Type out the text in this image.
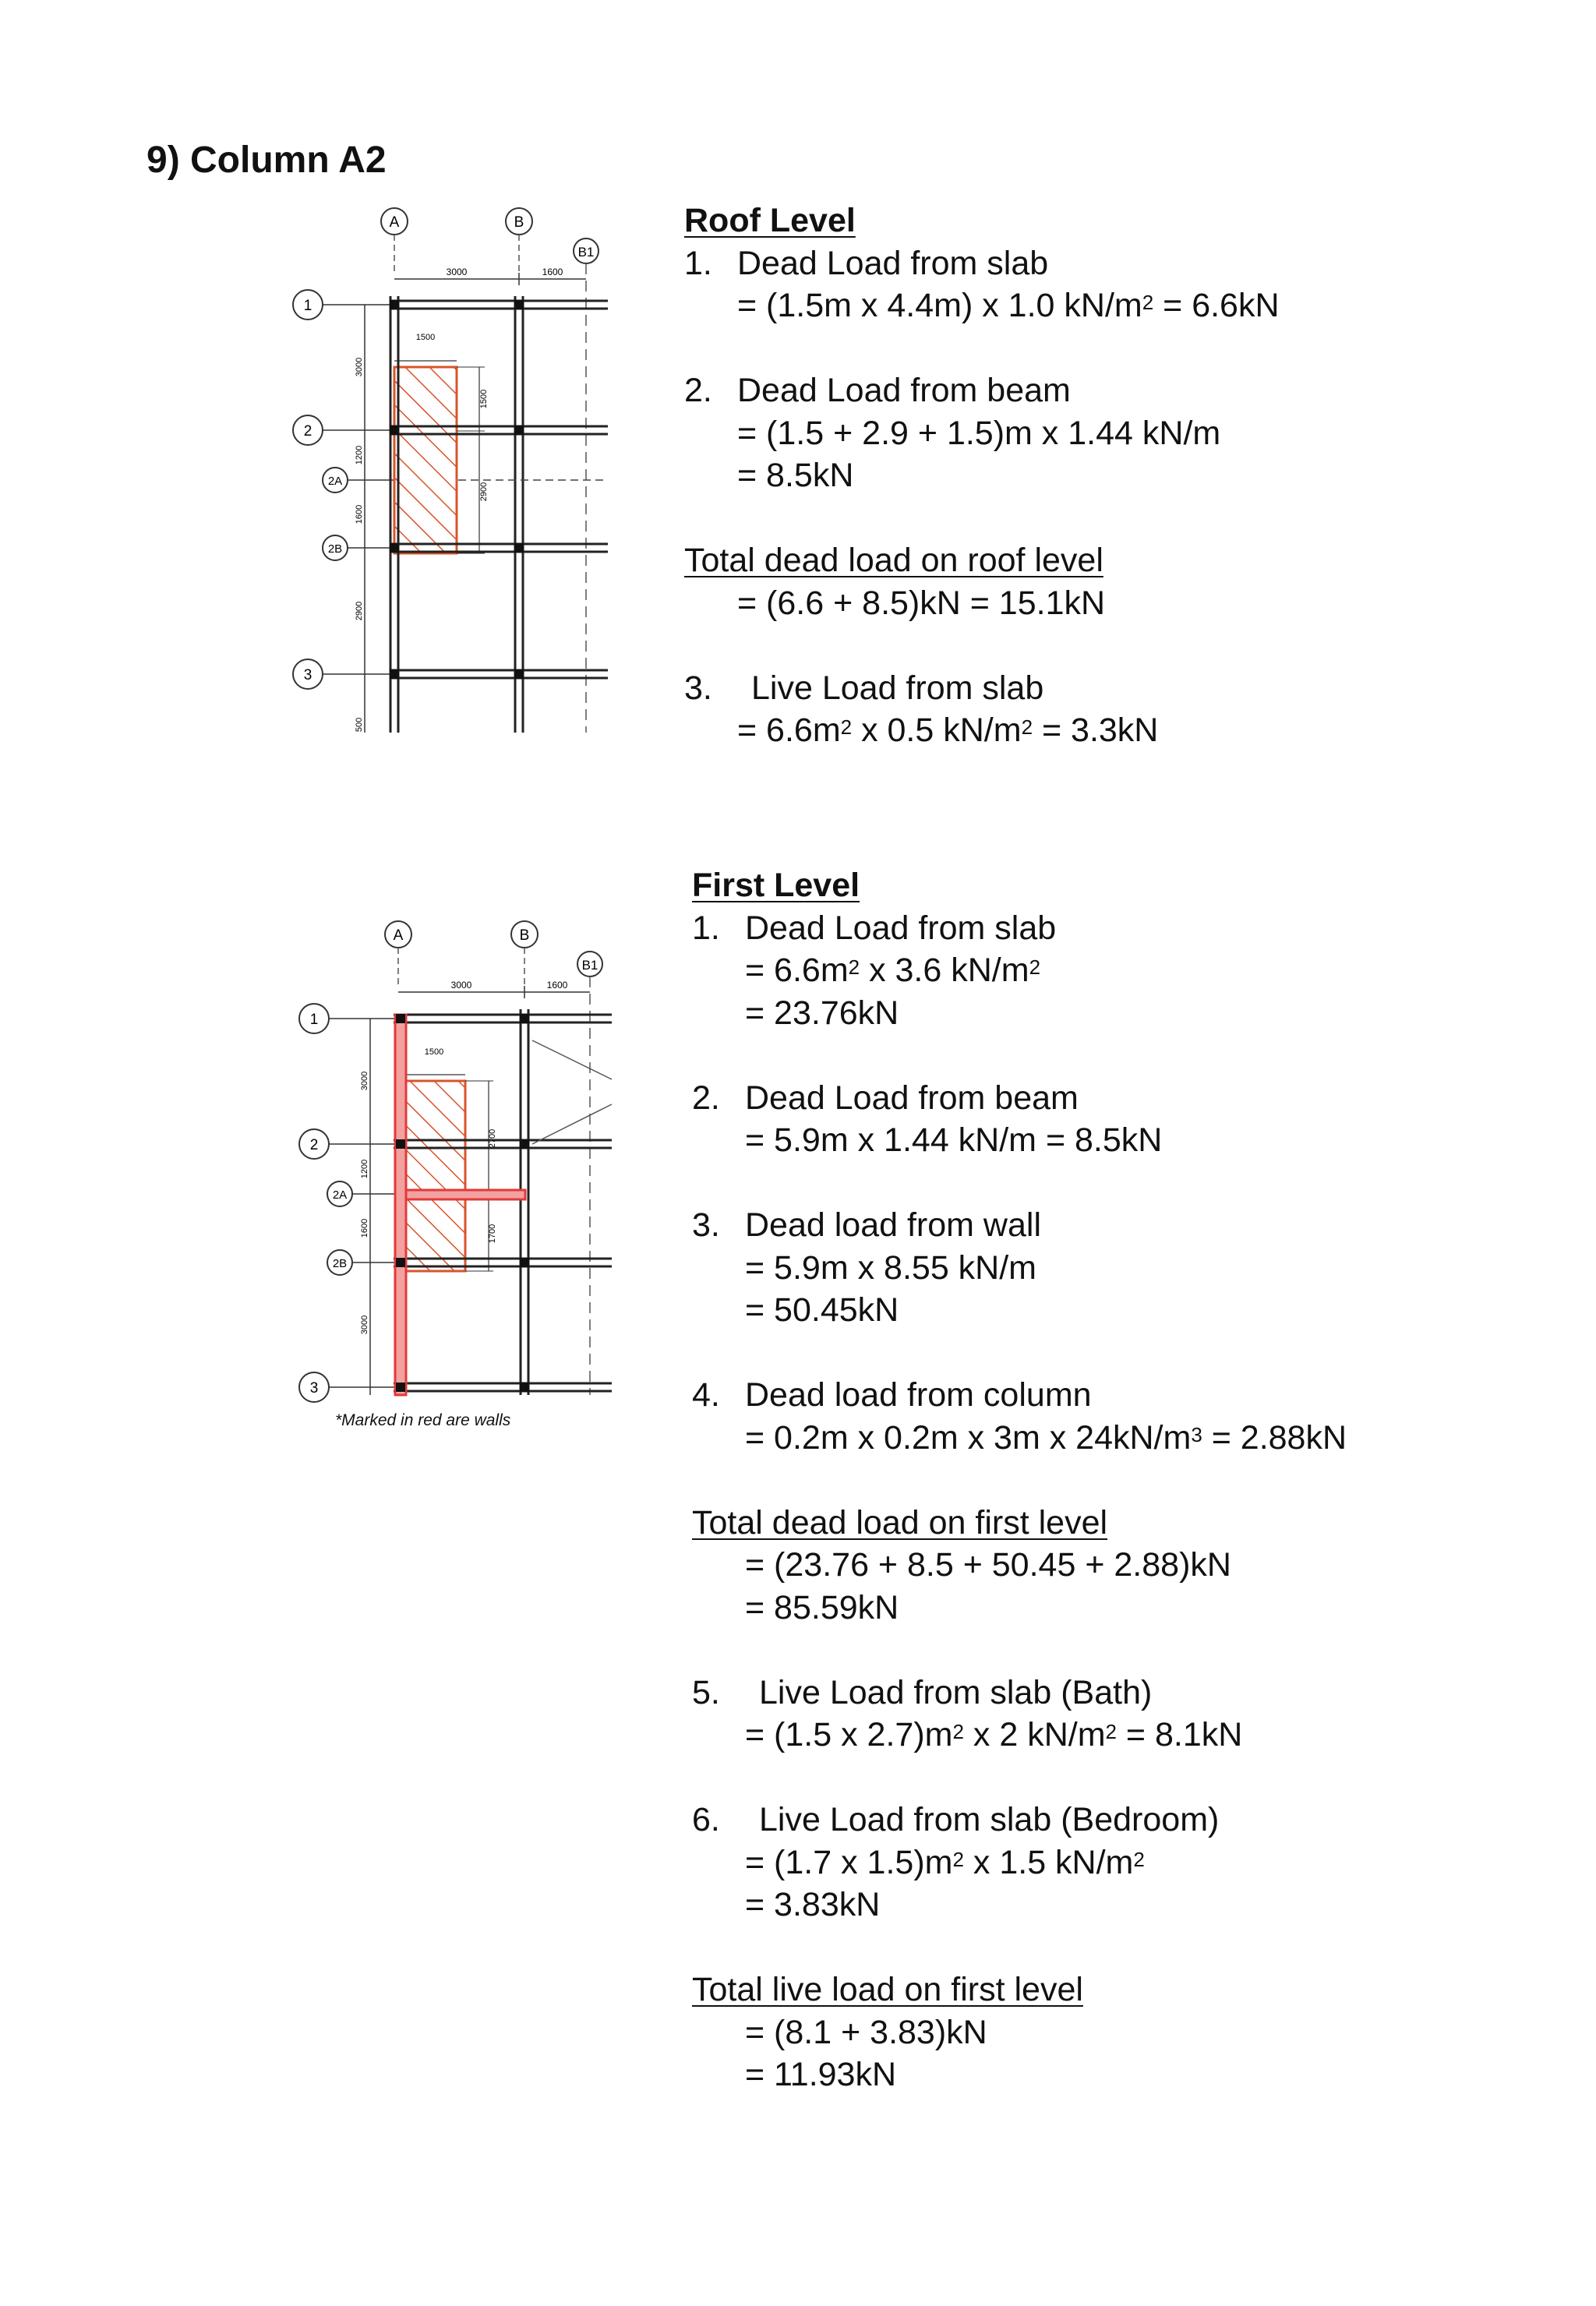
9) Column A2
A	B
B1
3000	1600
1
2
2A
2B
3
3000
1200
1600
2900
500
1500
1500
2900
A	B
B1
3000	1600
1
2
2A
2B
3
3000
1200
1600
3000
1500
2700
1700
*Marked in red are walls
Roof Level
1. Dead Load from slab
= (1.5m x 4.4m) x 1.0 $kN/m^2 = 6.6kN$
2. Dead Load from beam
= (1.5 + 2.9 + 1.5)m x 1.44 kN/m
= 8.5kN
Total dead load on roof level
= (6.6 + 8.5)kN = 15.1kN
3. Live Load from slab
= $6.6m^2$ x 0.5 $kN/m^2 = 3.3kN$
First Level
1. Dead Load from slab
= $6.6m^2$ x 3.6 $kN/m^2$
= 23.76kN
2. Dead Load from beam
= 5.9m x 1.44 kN/m = 8.5kN
3. Dead load from wall
= 5.9m x 8.55 kN/m
= 50.45kN
4. Dead load from column
= 0.2m x 0.2m x 3m x $24kN/m^3 = 2.88kN$
Total dead load on first level
= (23.76 + 8.5 + 50.45 + 2.88)kN
= 85.59kN
5. Live Load from slab (Bath)
= (1.5 x $2.7)m^2$ x 2 $kN/m^2 = 8.1kN$
6. Live Load from slab (Bedroom)
= (1.7 x $1.5)m^2$ x 1.5 $kN/m^2$
= 3.83kN
Total live load on first level
= (8.1 + 3.83)kN
= 11.93kN
